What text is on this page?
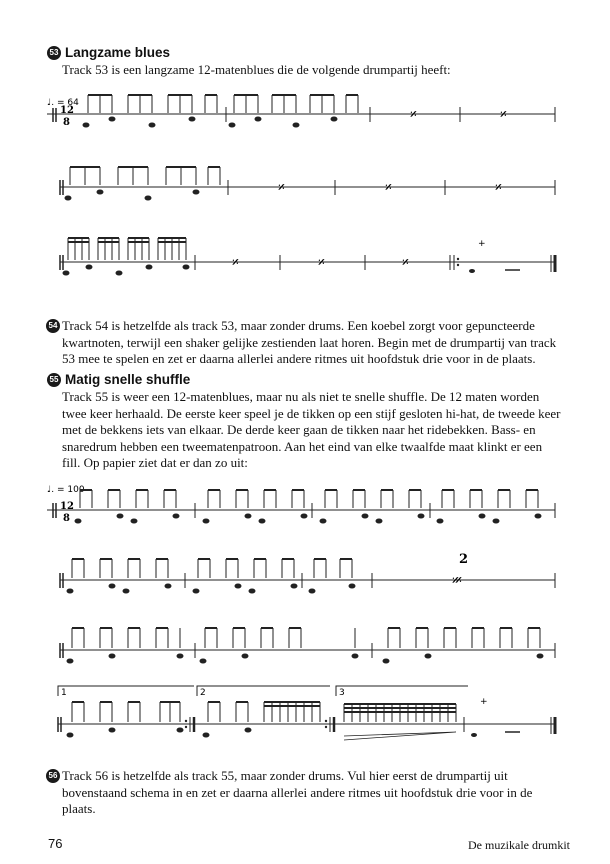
53 Langzame blues

Track 53 is een langzame 12-matenblues die de volgende drumpartij heeft:

♩. = 64
12
8	𝄎	𝄎
𝄎	𝄎	𝄎
𝄎	𝄎	𝄎
+

54 Track 54 is hetzelfde als track 53, maar zonder drums. Een koebel zorgt voor gepuncteerde kwartnoten, terwijl een shaker gelijke zestienden laat horen. Begin met de drumpartij van track 53 mee te spelen en zet er daarna allerlei andere ritmes uit hoofdstuk drie voor in de plaats.

55 Matig snelle shuffle

Track 55 is weer een 12-matenblues, maar nu als niet te snelle shuffle. De 12 maten worden twee keer herhaald. De eerste keer speel je de tikken op een stijf gesloten hi-hat, de tweede keer met de bekkens iets van elkaar. De derde keer gaan de tikken naar het ridebekken. Bass- en snaredrum hebben een tweematenpatroon. Aan het eind van elke twaalfde maat klinkt er een fill. Op papier ziet dat er dan zo uit:

♩. = 100
12
8
2
𝄏
1	2	3
+

56 Track 56 is hetzelfde als track 55, maar zonder drums. Vul hier eerst de drumpartij uit bovenstaand schema in en zet er daarna allerlei andere ritmes uit hoofdstuk drie voor in de plaats.

76	De muzikale drumkit
